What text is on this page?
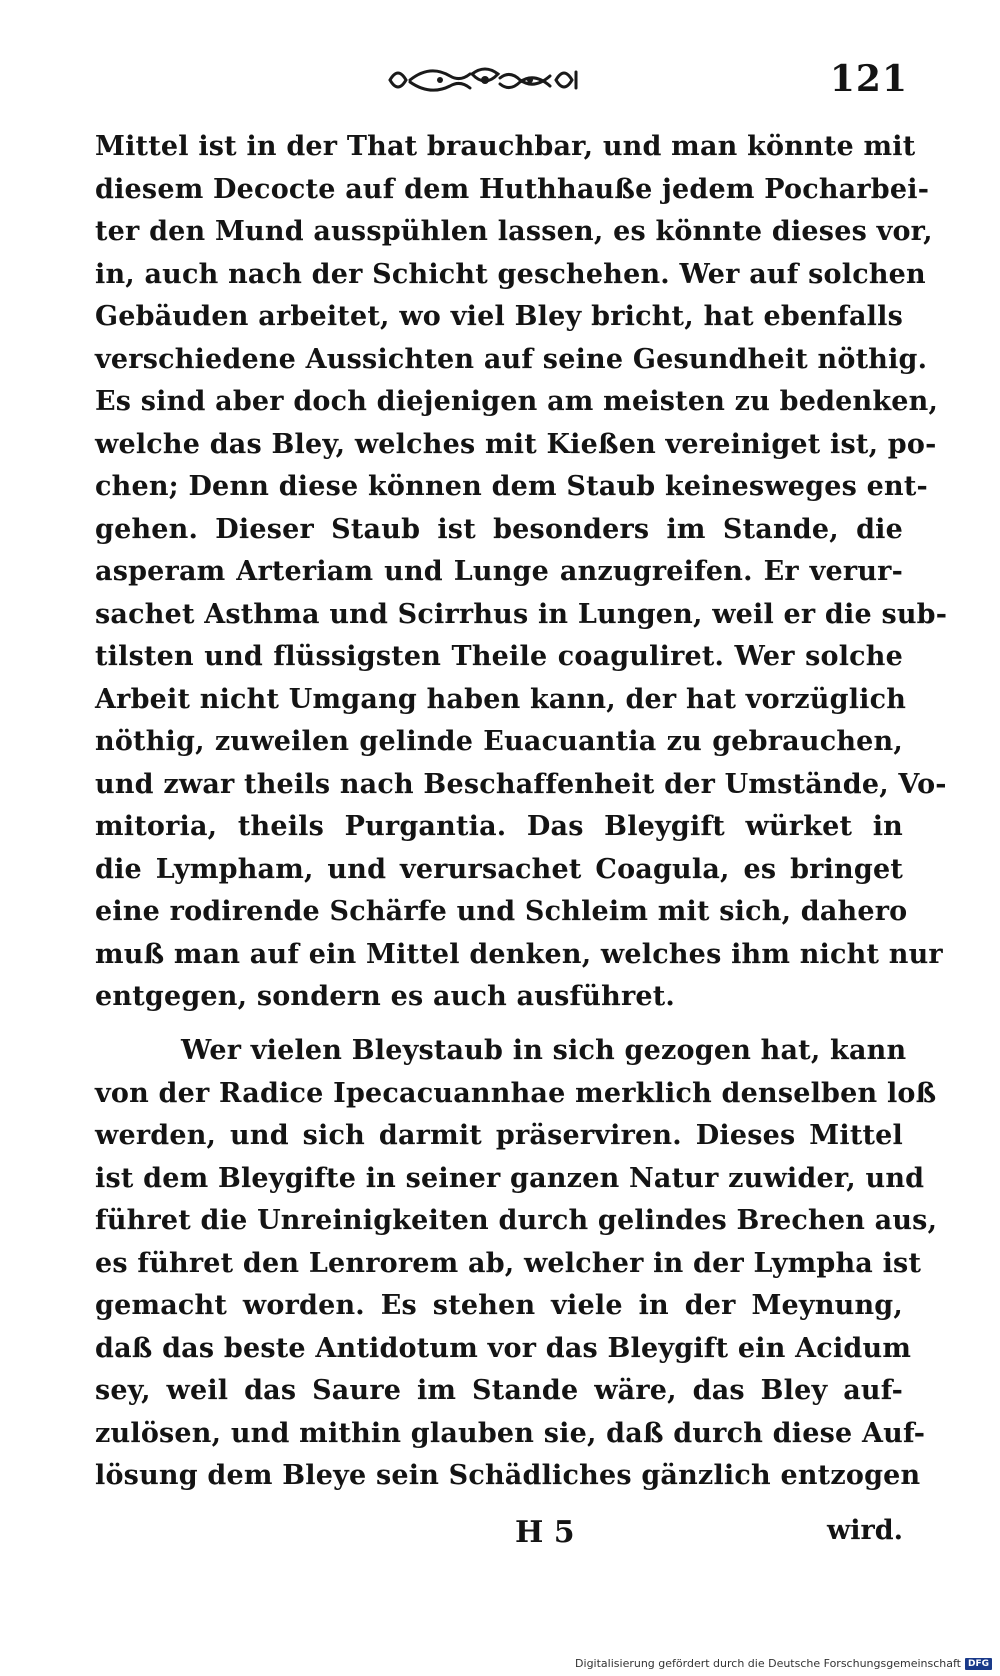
121
Mittel ist in der That brauchbar, und man könnte mit
diesem Decocte auf dem Huthhauße jedem Pocharbei-
ter den Mund ausspühlen lassen, es könnte dieses vor,
in, auch nach der Schicht geschehen. Wer auf solchen
Gebäuden arbeitet, wo viel Bley bricht, hat ebenfalls
verschiedene Aussichten auf seine Gesundheit nöthig.
Es sind aber doch diejenigen am meisten zu bedenken,
welche das Bley, welches mit Kießen vereiniget ist, po-
chen; Denn diese können dem Staub keinesweges ent-
gehen. Dieser Staub ist besonders im Stande, die
asperam Arteriam und Lunge anzugreifen. Er verur-
sachet Asthma und Scirrhus in Lungen, weil er die sub-
tilsten und flüssigsten Theile coaguliret. Wer solche
Arbeit nicht Umgang haben kann, der hat vorzüglich
nöthig, zuweilen gelinde Euacuantia zu gebrauchen,
und zwar theils nach Beschaffenheit der Umstände, Vo-
mitoria, theils Purgantia. Das Bleygift würket in
die Lympham, und verursachet Coagula, es bringet
eine rodirende Schärfe und Schleim mit sich, dahero
muß man auf ein Mittel denken, welches ihm nicht nur
entgegen, sondern es auch ausführet.
Wer vielen Bleystaub in sich gezogen hat, kann
von der Radice Ipecacuannhae merklich denselben loß
werden, und sich darmit präserviren. Dieses Mittel
ist dem Bleygifte in seiner ganzen Natur zuwider, und
führet die Unreinigkeiten durch gelindes Brechen aus,
es führet den Lenrorem ab, welcher in der Lympha ist
gemacht worden. Es stehen viele in der Meynung,
daß das beste Antidotum vor das Bleygift ein Acidum
sey, weil das Saure im Stande wäre, das Bley auf-
zulösen, und mithin glauben sie, daß durch diese Auf-
lösung dem Bleye sein Schädliches gänzlich entzogen
H 5	wird.
Digitalisierung gefördert durch die Deutsche Forschungsgemeinschaft DFG
